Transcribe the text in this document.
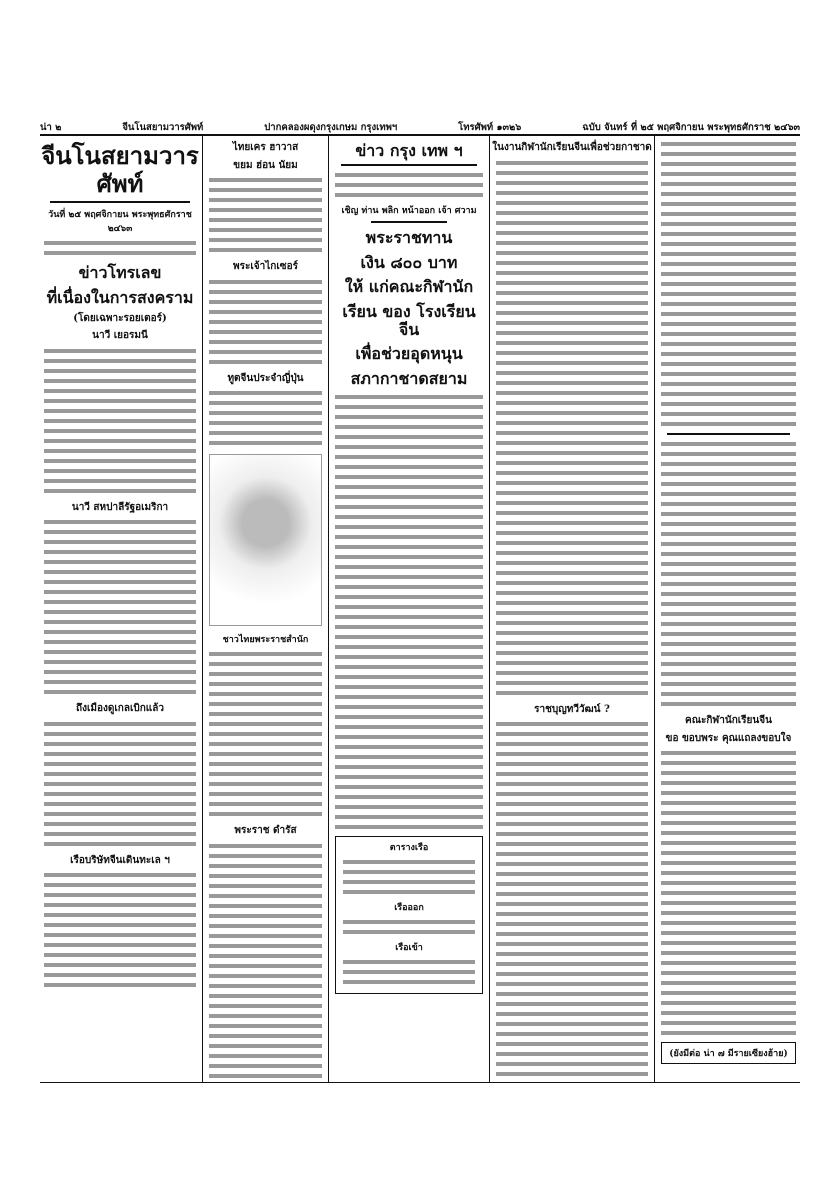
น่า ๒	จีนโนสยามวารศัพท์	ปากคลองผดุงกรุงเกษม กรุงเทพฯ	โทรศัพท์ ๑๓๒๖	ฉบับ จันทร์ ที่ ๒๕ พฤศจิกายน พระพุทธศักราช ๒๔๖๓
จีนโนสยามวารศัพท์
วันที่ ๒๕ พฤศจิกายน พระพุทธศักราช ๒๔๖๓
ข่าวโทรเลข
ที่เนื่องในการสงคราม
(โดยเฉพาะรอยเตอร์)
นาวี เยอรมนี
นาวี สหปาลีรัฐอเมริกา
ถึงเมืองดูเกลเบิกแล้ว
เรือบริษัทจีนเดินทะเล ฯ
ไทยเคร ฮาวาส
ขยม ฮ่อน นัยม
พระเจ้าไกเซอร์
ทูตจีนประจำญี่ปุ่น
ชาวไทยพระราชสำนัก
พระราช ดำรัส
ข่าว กรุง เทพ ฯ
เชิญ ท่าน พลิก หน้าออก เจ้า ศวาม
พระราชทาน
เงิน ๘๐๐ บาท
ให้ แก่คณะกิฬานัก
เรียน ของ โรงเรียน จีน
เพื่อช่วยอุดหนุน
สภากาชาดสยาม
ตารางเรือ
เรือออก
เรือเข้า
ในงานกิฬานักเรียนจีนเพื่อช่วยกาชาด
ราชบุญทวีวัฒน์ ?
คณะกิฬานักเรียนจีน
ขอ ขอบพระ คุณแถลงขอบใจ
(ยังมีต่อ น่า ๗ มีรายเซียงฮ้าย)
